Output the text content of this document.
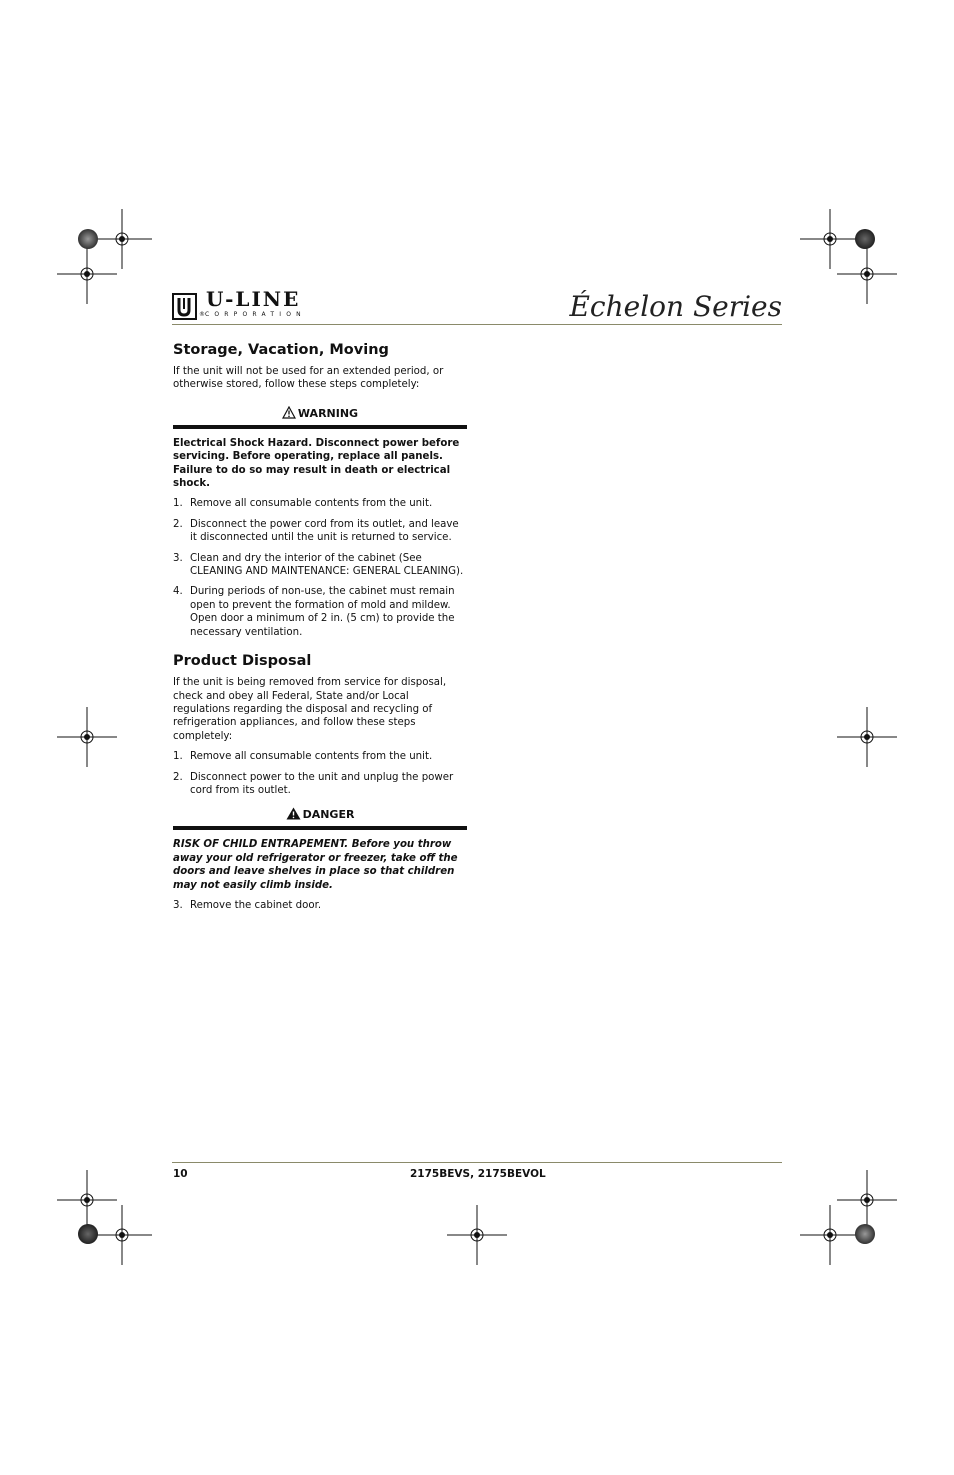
U-LINE
® CORPORATION	Échelon Series
Storage, Vacation, Moving

If the unit will not be used for an extended period, or otherwise stored, follow these steps completely:

WARNING

Electrical Shock Hazard. Disconnect power before servicing. Before operating, replace all panels. Failure to do so may result in death or electrical shock.

1. Remove all consumable contents from the unit.
2. Disconnect the power cord from its outlet, and leave it disconnected until the unit is returned to service.
3. Clean and dry the interior of the cabinet (See CLEANING AND MAINTENANCE: GENERAL CLEANING).
4. During periods of non-use, the cabinet must remain open to prevent the formation of mold and mildew. Open door a minimum of 2 in. (5 cm) to provide the necessary ventilation.
Product Disposal

If the unit is being removed from service for disposal, check and obey all Federal, State and/or Local regulations regarding the disposal and recycling of refrigeration appliances, and follow these steps completely:

1. Remove all consumable contents from the unit.
2. Disconnect power to the unit and unplug the power cord from its outlet.
DANGER

RISK OF CHILD ENTRAPEMENT. Before you throw away your old refrigerator or freezer, take off the doors and leave shelves in place so that children may not easily climb inside.

3. Remove the cabinet door.
10	2175BEVS, 2175BEVOL
